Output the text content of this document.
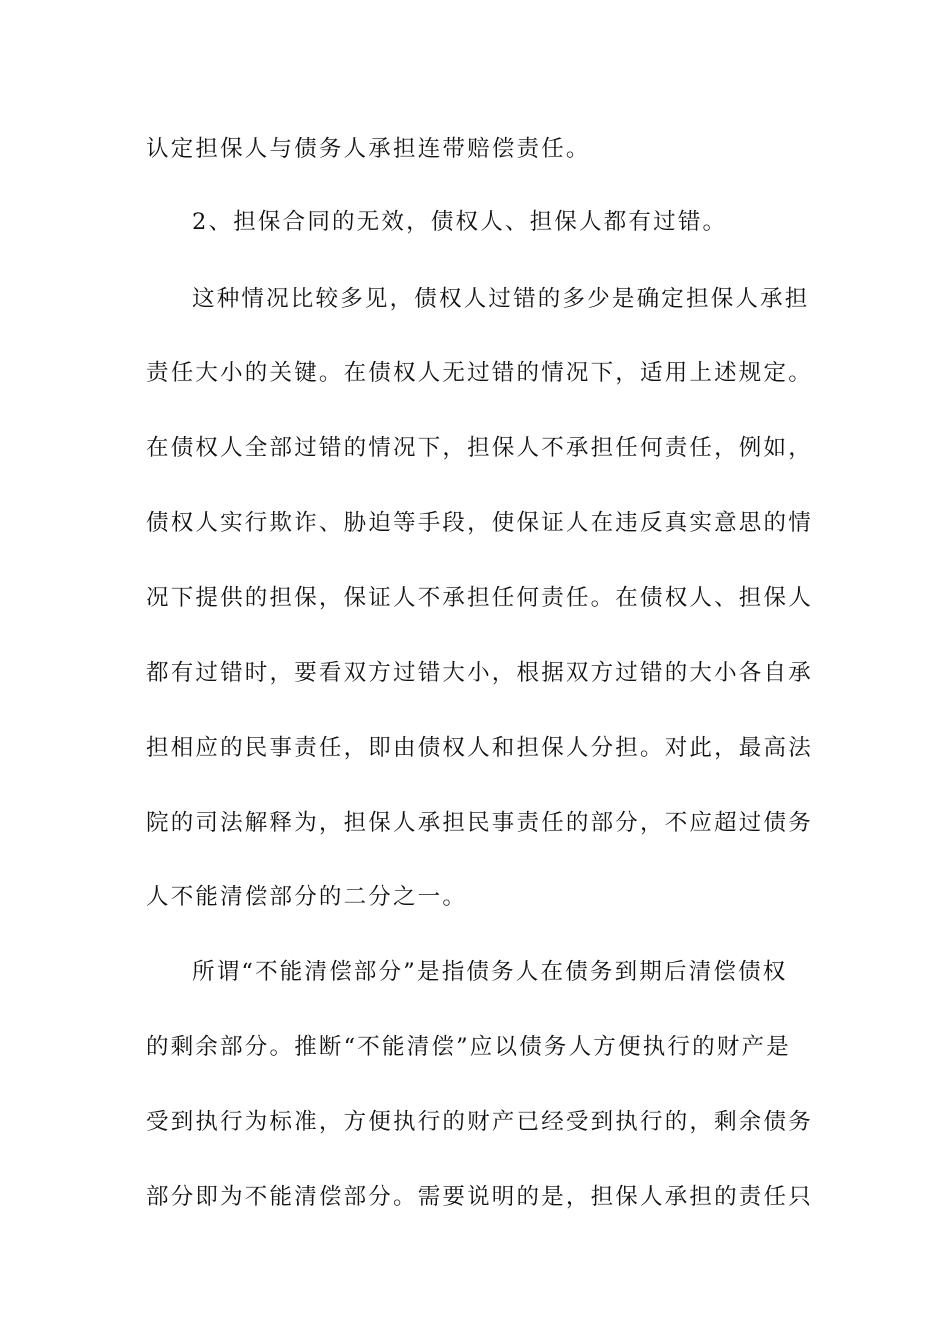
认定担保人与债务人承担连带赔偿责任。
2、担保合同的无效，债权人、担保人都有过错。
这种情况比较多见，债权人过错的多少是确定担保人承担
责任大小的关键。在债权人无过错的情况下，适用上述规定。
在债权人全部过错的情况下，担保人不承担任何责任，例如，
债权人实行欺诈、胁迫等手段，使保证人在违反真实意思的情
况下提供的担保，保证人不承担任何责任。在债权人、担保人
都有过错时，要看双方过错大小，根据双方过错的大小各自承
担相应的民事责任，即由债权人和担保人分担。对此，最高法
院的司法解释为，担保人承担民事责任的部分，不应超过债务
人不能清偿部分的二分之一。
所谓“不能清偿部分”是指债务人在债务到期后清偿债权
的剩余部分。推断“不能清偿”应以债务人方便执行的财产是
受到执行为标准，方便执行的财产已经受到执行的，剩余债务
部分即为不能清偿部分。需要说明的是，担保人承担的责任只
